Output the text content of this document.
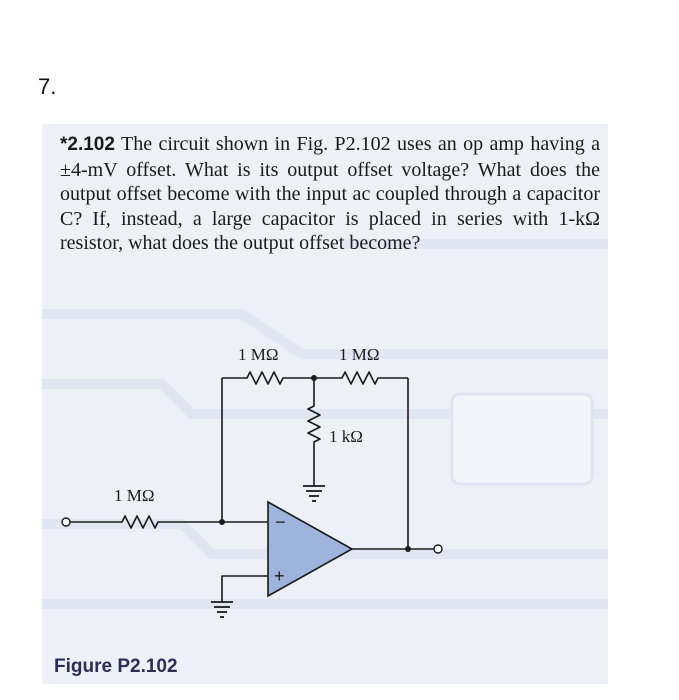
7.
*2.102 The circuit shown in Fig. P2.102 uses an op amp having a ±4-mV offset. What is its output offset voltage? What does the output offset become with the input ac coupled through a capacitor C? If, instead, a large capacitor is placed in series with 1-kΩ resistor, what does the output offset become?
1 MΩ	1 MΩ
1 kΩ
1 MΩ
−
+
Figure P2.102
